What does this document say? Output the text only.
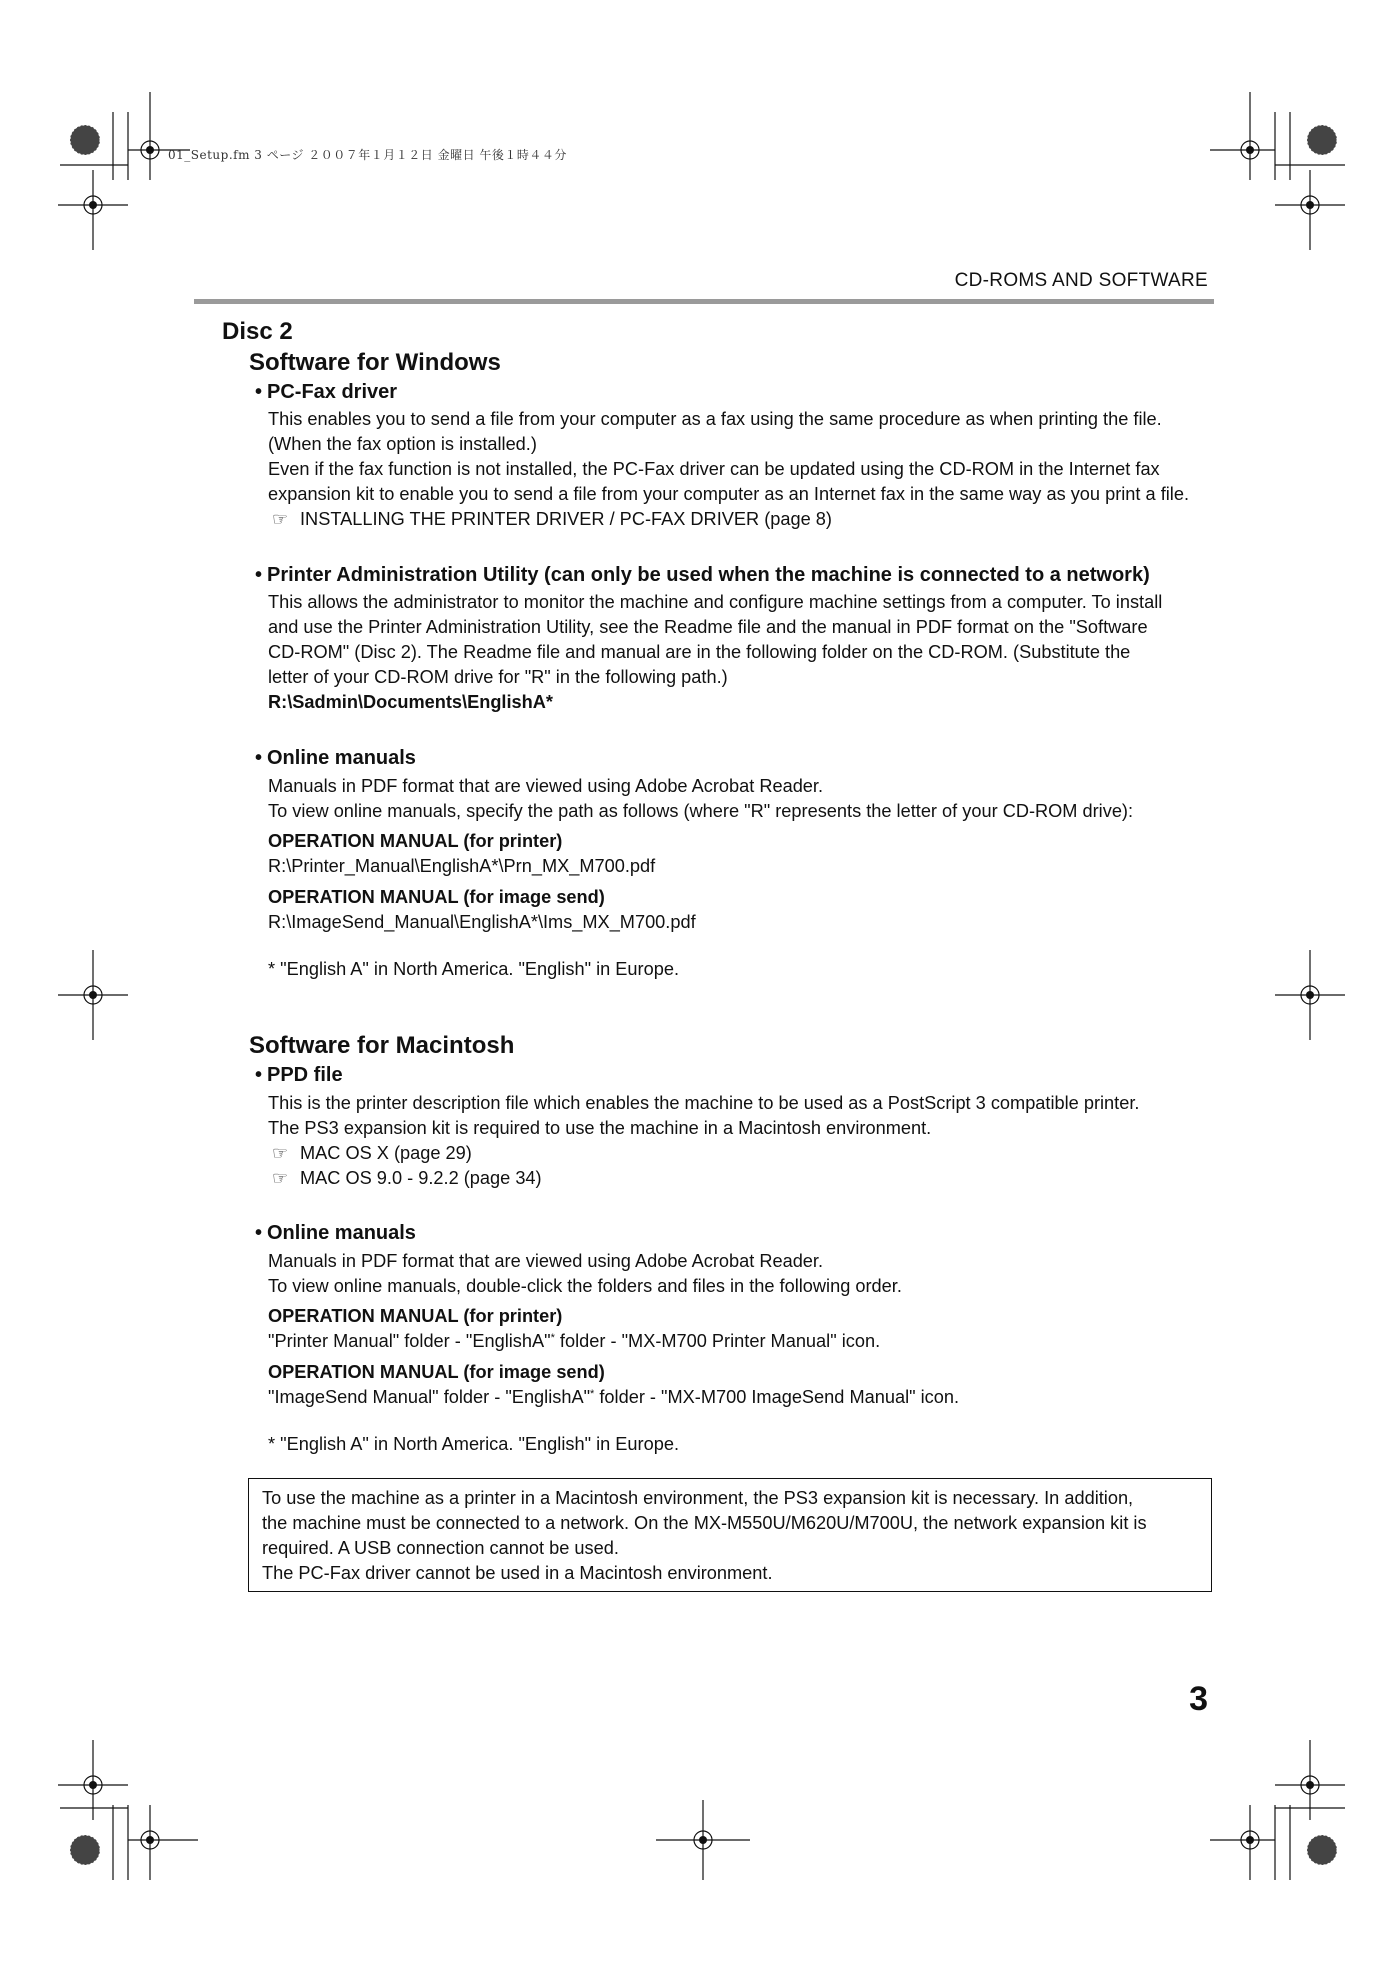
01_Setup.fm 3 ページ ２００７年１月１２日 金曜日 午後１時４４分
CD-ROMS AND SOFTWARE
Disc 2
Software for Windows
• PC-Fax driver

This enables you to send a file from your computer as a fax using the same procedure as when printing the file.

(When the fax option is installed.)

Even if the fax function is not installed, the PC-Fax driver can be updated using the CD-ROM in the Internet fax

expansion kit to enable you to send a file from your computer as an Internet fax in the same way as you print a file.

☞ INSTALLING THE PRINTER DRIVER / PC-FAX DRIVER (page 8)
• Printer Administration Utility (can only be used when the machine is connected to a network)

This allows the administrator to monitor the machine and configure machine settings from a computer. To install

and use the Printer Administration Utility, see the Readme file and the manual in PDF format on the "Software

CD-ROM" (Disc 2). The Readme file and manual are in the following folder on the CD-ROM. (Substitute the

letter of your CD-ROM drive for "R" in the following path.)

R:\Sadmin\Documents\EnglishA*
• Online manuals

Manuals in PDF format that are viewed using Adobe Acrobat Reader.

To view online manuals, specify the path as follows (where "R" represents the letter of your CD-ROM drive):

OPERATION MANUAL (for printer)
R:\Printer_Manual\EnglishA*\Prn_MX_M700.pdf
OPERATION MANUAL (for image send)
R:\ImageSend_Manual\EnglishA*\Ims_MX_M700.pdf
* "English A" in North America. "English" in Europe.
Software for Macintosh
• PPD file

This is the printer description file which enables the machine to be used as a PostScript 3 compatible printer.

The PS3 expansion kit is required to use the machine in a Macintosh environment.

☞ MAC OS X (page 29)
☞ MAC OS 9.0 - 9.2.2 (page 34)
• Online manuals

Manuals in PDF format that are viewed using Adobe Acrobat Reader.

To view online manuals, double-click the folders and files in the following order.

OPERATION MANUAL (for printer)
"Printer Manual" folder - "EnglishA"* folder - "MX-M700 Printer Manual" icon.
OPERATION MANUAL (for image send)
"ImageSend Manual" folder - "EnglishA"* folder - "MX-M700 ImageSend Manual" icon.
* "English A" in North America. "English" in Europe.

To use the machine as a printer in a Macintosh environment, the PS3 expansion kit is necessary. In addition,

the machine must be connected to a network. On the MX-M550U/M620U/M700U, the network expansion kit is

required. A USB connection cannot be used.

The PC-Fax driver cannot be used in a Macintosh environment.

3
